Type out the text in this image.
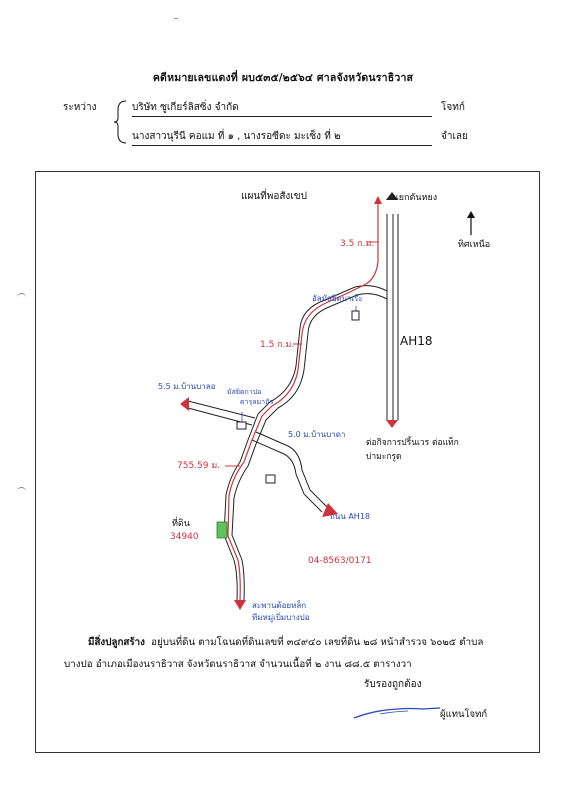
คดีหมายเลขแดงที่ ผบ๕๓๕/๒๕๖๔ ศาลจังหวัดนราธิวาส
ระหว่าง	บริษัท ซูเกียร์ลิสซิ่ง จำกัด	โจทก์
นางสาวนุรีนี คอแม ที่ ๑ , นางรอซีดะ มะเซ็ง ที่ ๒	จำเลย
แผนที่พอสังเขป
ทิศเหนือ
แยกตันหยง
3.5 ก.ม.
อัลมัสยิดบาเร๊ะ
1.5 ก.ม.	AH18
5.5 ม.บ้านบาลอ
มัสยิดกาปอ
ดารุลมาอัว
5.0 ม.บ้านบาดา
755.59 ม.
ต่อกิจการปริ้นเวร ต่อแท็กบ่ามะกรูด
ถนน AH18
ที่ดิน
34940
04-8563/0171
สะพานต้อยหล็ก
ทีมหมู่เบิ่มบางปอ
มีสิ่งปลูกสร้าง อยู่บนที่ดิน ตามโฉนดที่ดินเลขที่ ๓๔๙๔๐ เลขที่ดิน ๒๘ หน้าสำรวจ ๖๐๒๕ ตำบล
บางปอ อำเภอเมืองนราธิวาส จังหวัดนราธิวาส จำนวนเนื้อที่ ๒ งาน ๘๘.๕ ตารางวา
รับรองถูกต้อง
ผู้แทนโจทก์
